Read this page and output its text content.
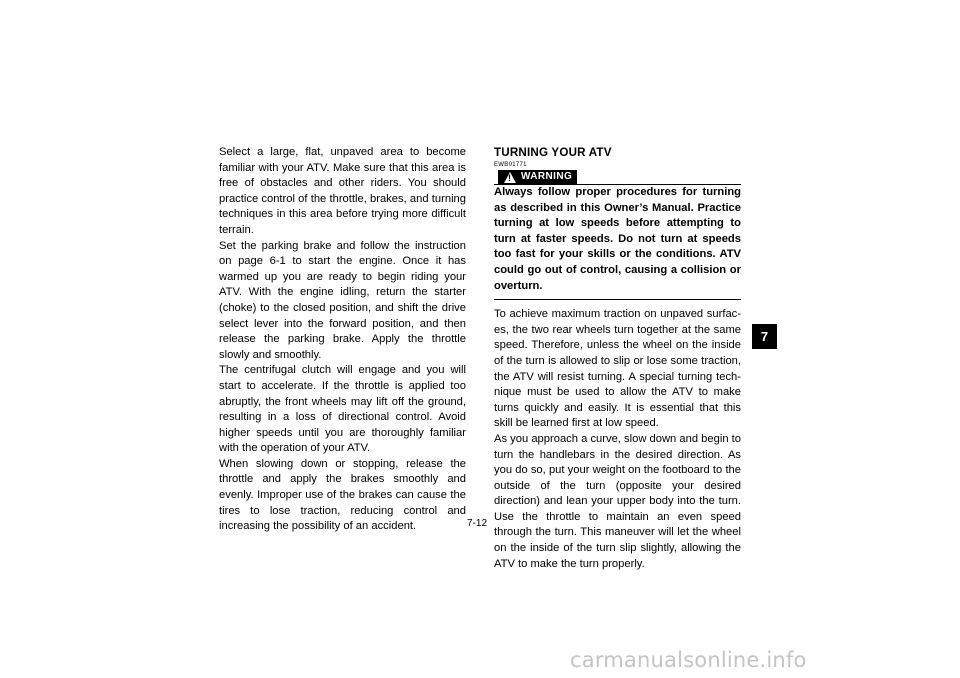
Select a large, flat, unpaved area to become familiar with your ATV. Make sure that this area is free of obstacles and other riders. You should practice control of the throttle, brakes, and turning techniques in this area before trying more difficult terrain.

Set the parking brake and follow the instruction on page 6-1 to start the engine. Once it has warmed up you are ready to begin riding your ATV. With the engine idling, return the starter (choke) to the closed position, and shift the drive select lever into the forward position, and then release the parking brake. Apply the throttle slowly and smoothly.

The centrifugal clutch will engage and you will start to accelerate. If the throttle is applied too abruptly, the front wheels may lift off the ground, resulting in a loss of directional control. Avoid higher speeds until you are thoroughly familiar with the operation of your ATV.

When slowing down or stopping, release the throttle and apply the brakes smoothly and evenly. Improper use of the brakes can cause the tires to lose traction, reducing control and increasing the possibility of an accident.

TURNING YOUR ATV
EWB01771
!
WARNING

Always follow proper procedures for turning as described in this Owner’s Manual. Practice turning at low speeds before attempting to turn at faster speeds. Do not turn at speeds too fast for your skills or the conditions. ATV could go out of control, causing a collision or overturn.

To achieve maximum traction on unpaved surfaces, the two rear wheels turn together at the same speed. Therefore, unless the wheel on the inside of the turn is allowed to slip or lose some traction, the ATV will resist turning. A special turning technique must be used to allow the ATV to make turns quickly and easily. It is essential that this skill be learned first at low speed.

As you approach a curve, slow down and begin to turn the handlebars in the desired direction. As you do so, put your weight on the footboard to the outside of the turn (opposite your desired direction) and lean your upper body into the turn. Use the throttle to maintain an even speed through the turn. This maneuver will let the wheel on the inside of the turn slip slightly, allowing the ATV to make the turn properly.

7-12
7
carmanualsonline.info
